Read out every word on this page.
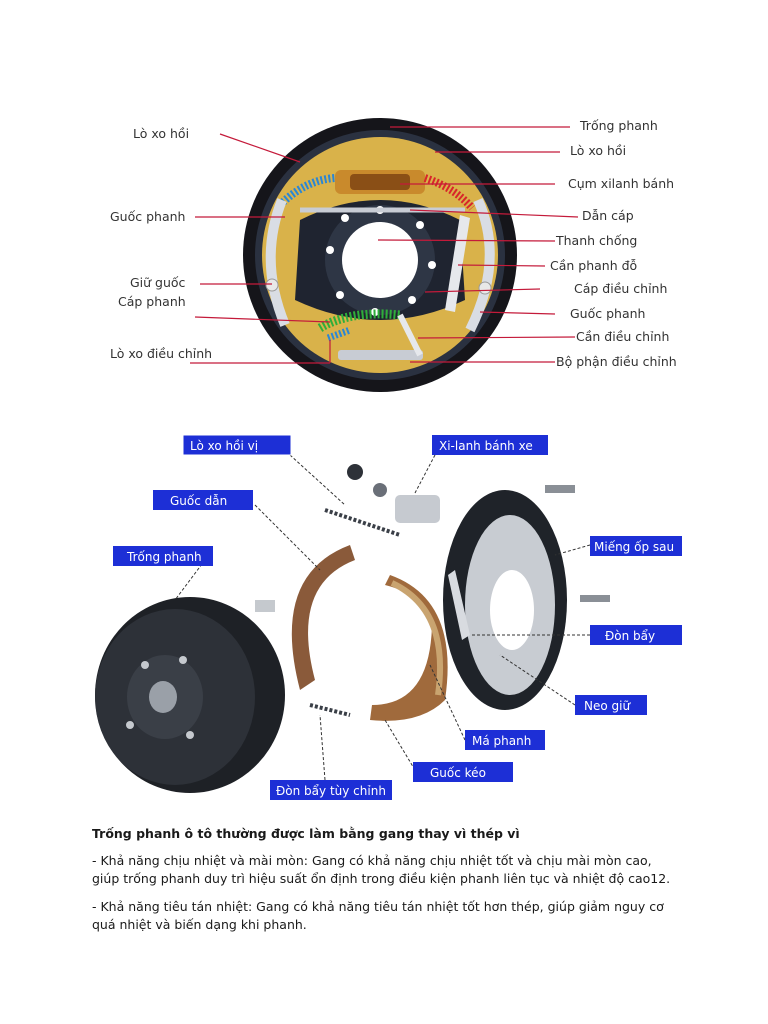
Lò xo hồi
Guốc phanh
Giữ guốc
Cáp phanh
Lò xo điều chỉnh
Trống phanh
Lò xo hồi
Cụm xilanh bánh
Dẫn cáp
Thanh chống
Cần phanh đỗ
Cáp điều chỉnh
Guốc phanh
Cần điều chỉnh
Bộ phận điều chỉnh
Lò xo hồi vị	Xi-lanh bánh xe
Guốc dẫn
Trống phanh
Miếng ốp sau
Đòn bẩy
Neo giữ
Má phanh
Guốc kéo
Đòn bẩy tùy chỉnh
Trống phanh ô tô thường được làm bằng gang thay vì thép vì

- Khả năng chịu nhiệt và mài mòn: Gang có khả năng chịu nhiệt tốt và chịu mài mòn cao, giúp trống phanh duy trì hiệu suất ổn định trong điều kiện phanh liên tục và nhiệt độ cao12.

- Khả năng tiêu tán nhiệt: Gang có khả năng tiêu tán nhiệt tốt hơn thép, giúp giảm nguy cơ quá nhiệt và biến dạng khi phanh.
